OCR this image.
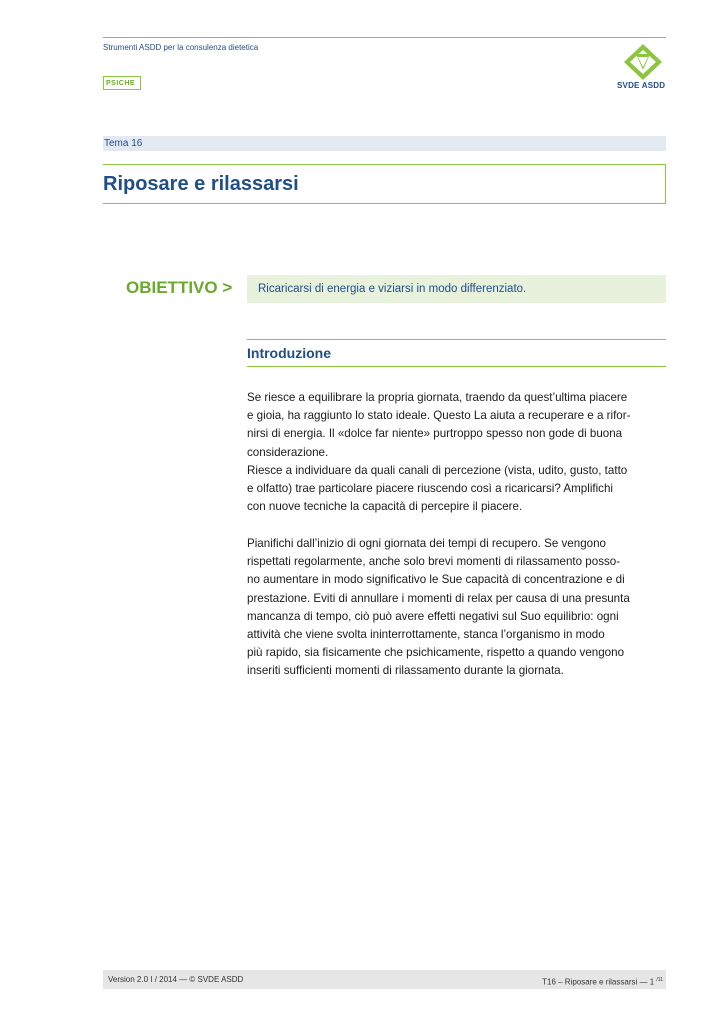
Strumenti ASDD per la consulenza dietetica
PSICHE	SVDE ASDD
Tema 16
Riposare e rilassarsi
OBIETTIVO > Ricaricarsi di energia e viziarsi in modo differenziato.
Introduzione
Se riesce a equilibrare la propria giornata, traendo da quest’ultima piacere
e gioia, ha raggiunto lo stato ideale. Questo La aiuta a recuperare e a rifor-
nirsi di energia. Il «dolce far niente» purtroppo spesso non gode di buona
considerazione.
Riesce a individuare da quali canali di percezione (vista, udito, gusto, tatto
e olfatto) trae particolare piacere riuscendo così a ricaricarsi? Amplifichi
con nuove tecniche la capacità di percepire il piacere.
Pianifichi dall’inizio di ogni giornata dei tempi di recupero. Se vengono
rispettati regolarmente, anche solo brevi momenti di rilassamento posso-
no aumentare in modo significativo le Sue capacità di concentrazione e di
prestazione. Eviti di annullare i momenti di relax per causa di una presunta
mancanza di tempo, ciò può avere effetti negativi sul Suo equilibrio: ogni
attività che viene svolta ininterrottamente, stanca l’organismo in modo
più rapido, sia fisicamente che psichicamente, rispetto a quando vengono
inseriti sufficienti momenti di rilassamento durante la giornata.
Version 2.0 I / 2014 — © SVDE ASDD	T16 – Riposare e rilassarsi — 1 $^{/11}$
